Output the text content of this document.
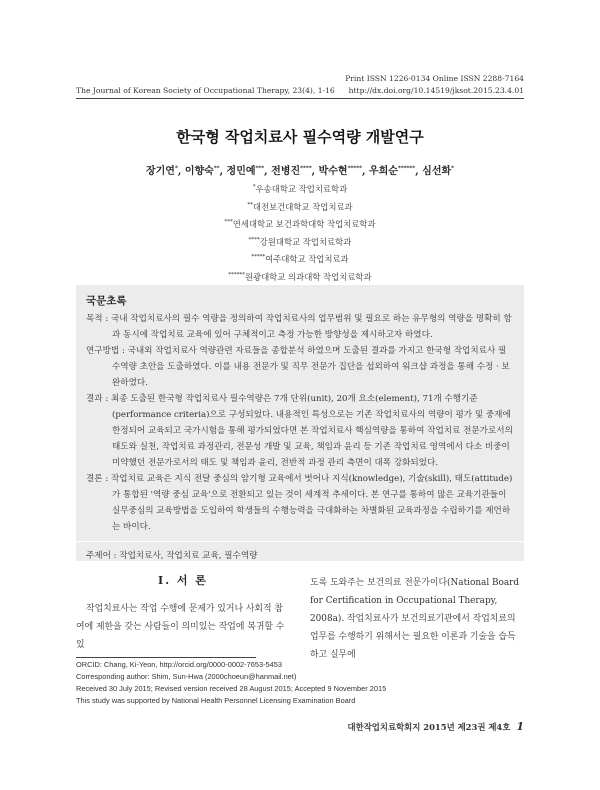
The Journal of Korean Society of Occupational Therapy, 23(4), 1-16
Print ISSN 1226-0134 Online ISSN 2288-7164
http://dx.doi.org/10.14519/jksot.2015.23.4.01
한국형 작업치료사 필수역량 개발연구
장기연*, 이향숙**, 정민예***, 전병진****, 박수현*****, 우희순******, 심선화*
*우송대학교 작업치료학과
**대전보건대학교 작업치료과
***연세대학교 보건과학대학 작업치료학과
****강원대학교 작업치료학과
*****여주대학교 작업치료과
******원광대학교 의과대학 작업치료학과
국문초록

목적 : 국내 작업치료사의 필수 역량을 정의하여 작업치료사의 업무범위 및 필요로 하는 유무형의 역량을 명확히 함과 동시에 작업치료 교육에 있어 구체적이고 측정 가능한 방향성을 제시하고자 하였다.

연구방법 : 국내외 작업치료사 역량관련 자료들을 종합분석 하였으며 도출된 결과를 가지고 한국형 작업치료사 필수역량 초안을 도출하였다. 이를 내용 전문가 및 직무 전문가 집단을 섭외하여 워크샵 과정을 통해 수정 · 보완하였다.

결과 : 최종 도출된 한국형 작업치료사 필수역량은 7개 단위(unit), 20개 요소(element), 71개 수행기준(performance criteria)으로 구성되었다. 내용적인 특성으로는 기존 작업치료사의 역량이 평가 및 중재에 한정되어 교육되고 국가시험을 통해 평가되었다면 본 작업치료사 핵심역량을 통하여 작업치료 전문가로서의 태도와 실천, 작업치료 과정관리, 전문성 개발 및 교육, 책임과 윤리 등 기존 작업치료 영역에서 다소 비중이 미약했던 전문가로서의 태도 및 책임과 윤리, 전반적 과정 관리 측면이 대폭 강화되었다.

결론 : 작업치료 교육은 지식 전달 중심의 암기형 교육에서 벗어나 지식(knowledge), 기술(skill), 태도(attitude)가 통합된 '역량 중심 교육'으로 전환되고 있는 것이 세계적 추세이다. 본 연구를 통하여 많은 교육기관들이 실무중심의 교육방법을 도입하여 학생들의 수행능력을 극대화하는 차별화된 교육과정을 수립하기를 제언하는 바이다.

주제어 : 작업치료사, 작업치료 교육, 필수역량

Ⅰ. 서 론

작업치료사는 작업 수행에 문제가 있거나 사회적 참여에 제한을 갖는 사람들이 의미있는 작업에 복귀할 수 있

도록 도와주는 보건의료 전문가이다(National Board for Certification in Occupational Therapy, 2008a). 작업치료사가 보건의료기관에서 작업치료의 업무를 수행하기 위해서는 필요한 이론과 기술을 습득하고 실무에

ORCID: Chang, Ki-Yeon, http://orcid.org/0000-0002-7653-5453
Corresponding author: Shim, Sun-Hwa (2000choeun@hanmail.net)
Received 30 July 2015; Revised version received 28 August 2015; Accepted 9 November 2015
This study was supported by National Health Personnel Licensing Examination Board
대한작업치료학회지 2015년 제23권 제4호 1
